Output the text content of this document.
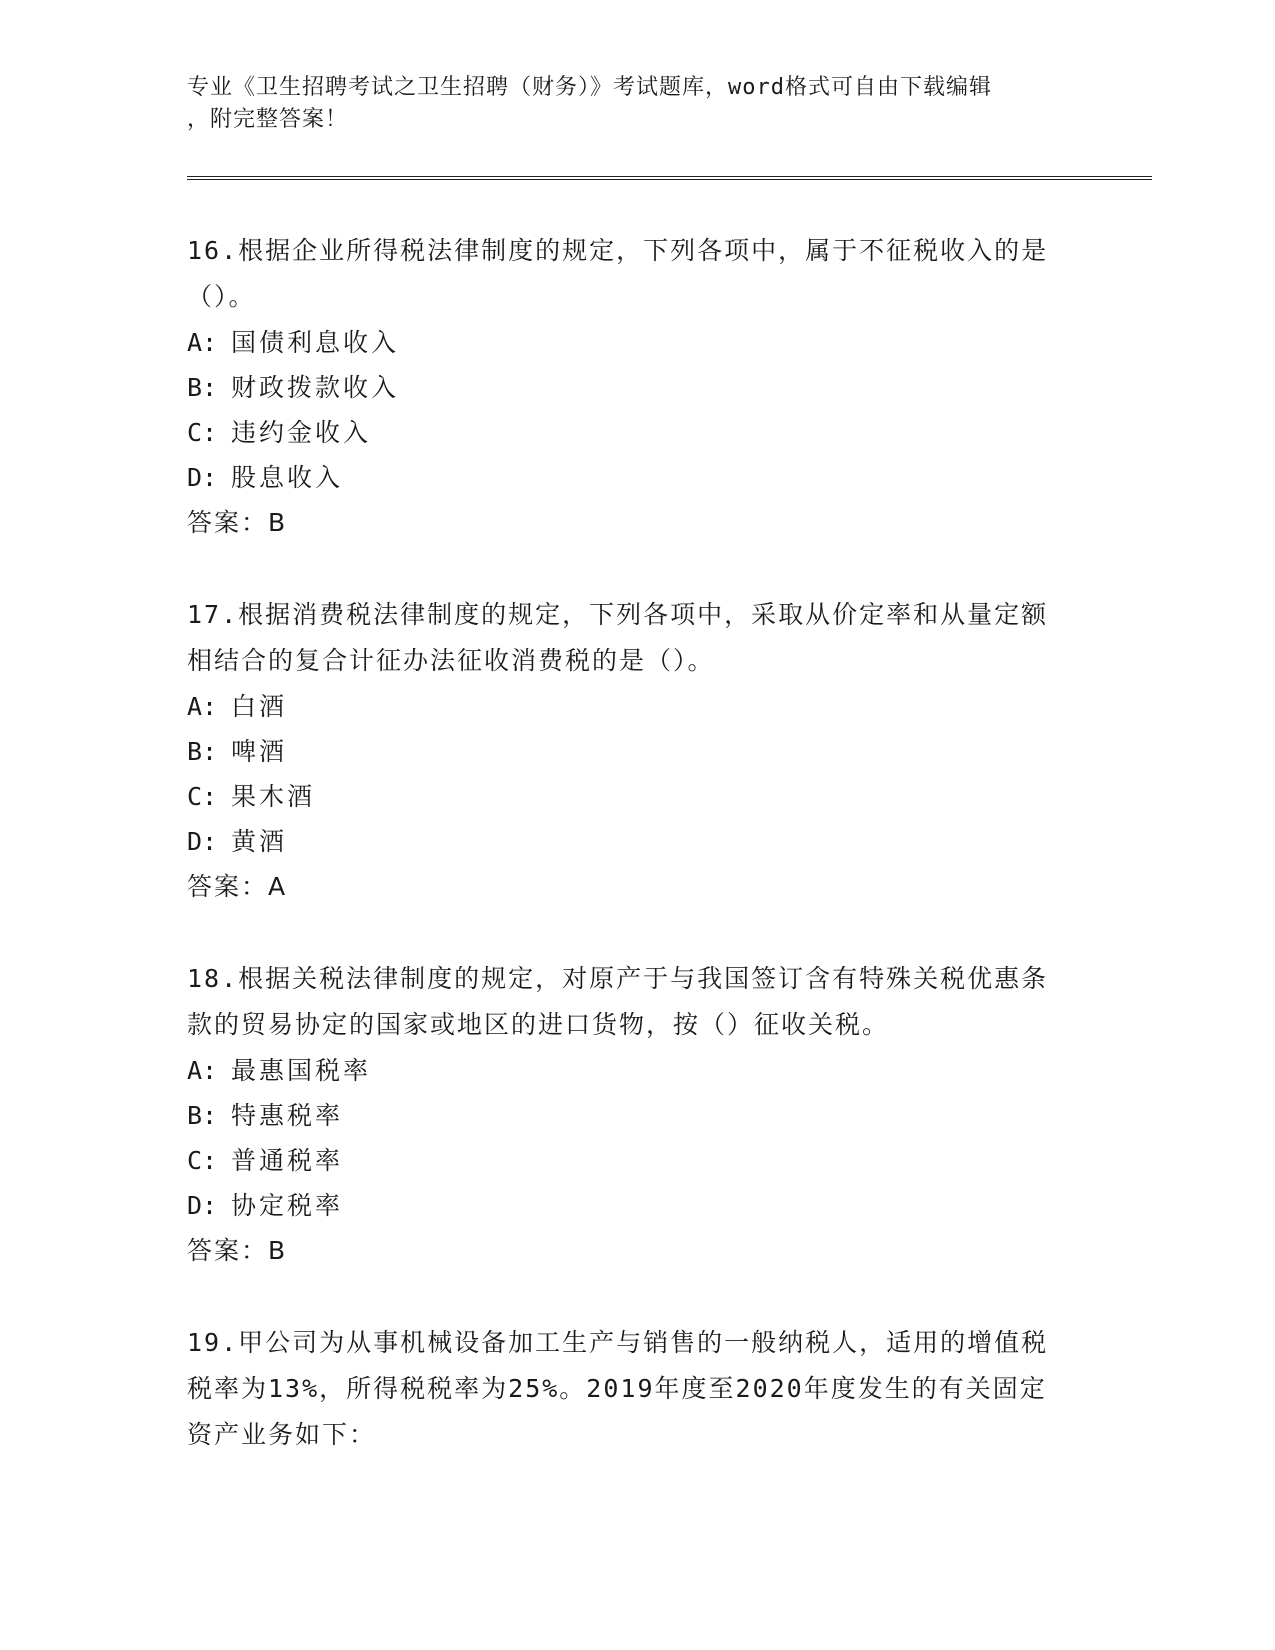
专业《卫生招聘考试之卫生招聘（财务）》考试题库，word格式可自由下载编辑
，附完整答案！
16.根据企业所得税法律制度的规定，下列各项中，属于不征税收入的是（）。
A: 国债利息收入
B: 财政拨款收入
C: 违约金收入
D: 股息收入
答案：B
17.根据消费税法律制度的规定，下列各项中，采取从价定率和从量定额相结合的复合计征办法征收消费税的是（）。
A: 白酒
B: 啤酒
C: 果木酒
D: 黄酒
答案：A
18.根据关税法律制度的规定，对原产于与我国签订含有特殊关税优惠条款的贸易协定的国家或地区的进口货物，按（）征收关税。
A: 最惠国税率
B: 特惠税率
C: 普通税率
D: 协定税率
答案：B
19.甲公司为从事机械设备加工生产与销售的一般纳税人，适用的增值税税率为13%，所得税税率为25%。2019年度至2020年度发生的有关固定资产业务如下：
